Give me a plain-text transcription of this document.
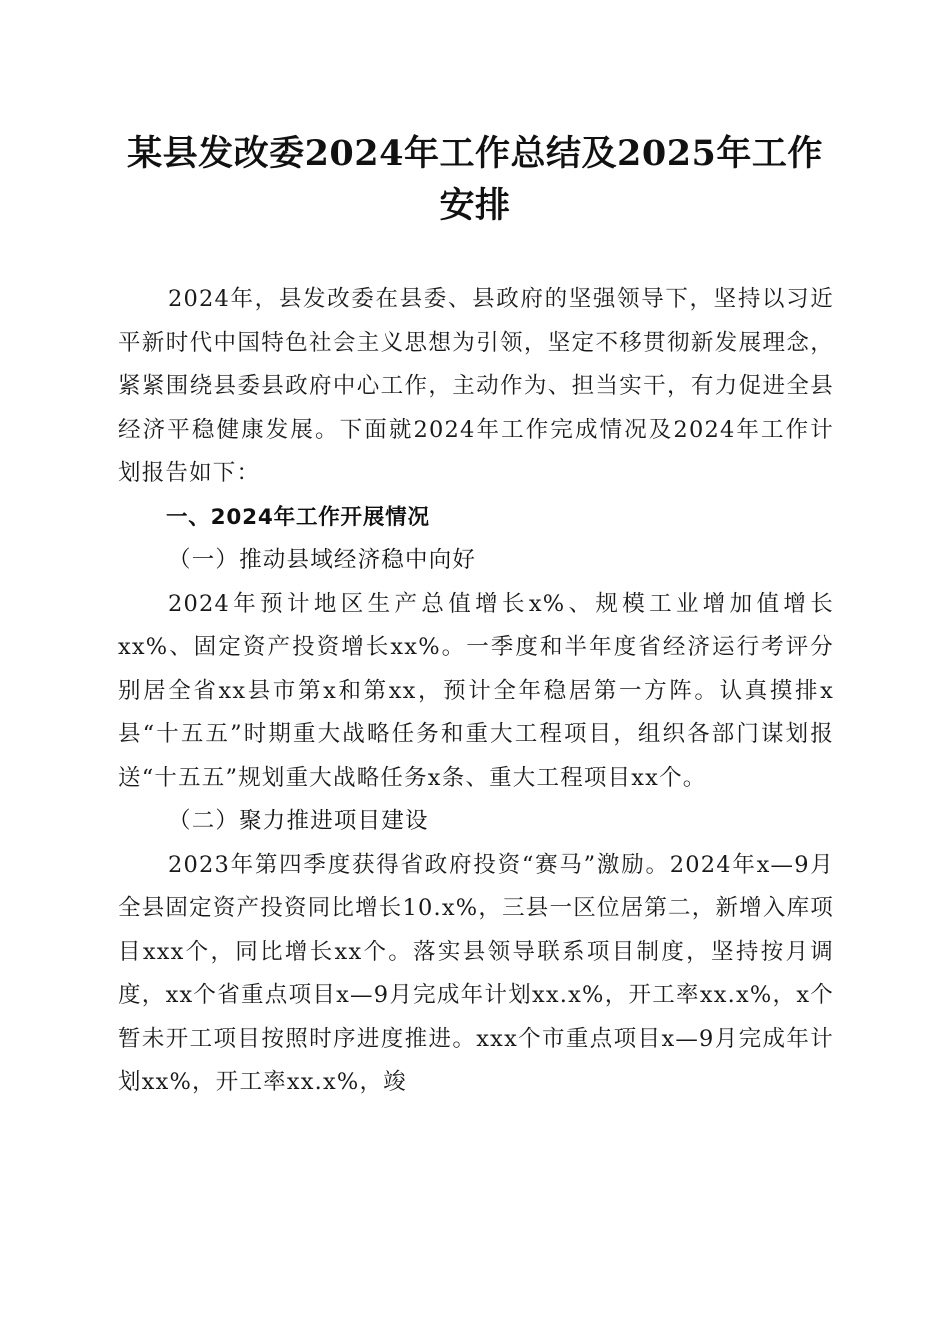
某县发改委2024年工作总结及2025年工作安排

2024年，县发改委在县委、县政府的坚强领导下，坚持以习近平新时代中国特色社会主义思想为引领，坚定不移贯彻新发展理念，紧紧围绕县委县政府中心工作，主动作为、担当实干，有力促进全县经济平稳健康发展。下面就2024年工作完成情况及2024年工作计划报告如下：

一、2024年工作开展情况

（一）推动县域经济稳中向好

2024年预计地区生产总值增长x%、规模工业增加值增长xx%、固定资产投资增长xx%。一季度和半年度省经济运行考评分别居全省xx县市第x和第xx，预计全年稳居第一方阵。认真摸排x县“十五五”时期重大战略任务和重大工程项目，组织各部门谋划报送“十五五”规划重大战略任务x条、重大工程项目xx个。

（二）聚力推进项目建设

2023年第四季度获得省政府投资“赛马”激励。2024年x—9月全县固定资产投资同比增长10.x%，三县一区位居第二，新增入库项目xxx个，同比增长xx个。落实县领导联系项目制度，坚持按月调度，xx个省重点项目x—9月完成年计划xx.x%，开工率xx.x%，x个暂未开工项目按照时序进度推进。xxx个市重点项目x—9月完成年计划xx%，开工率xx.x%，竣
